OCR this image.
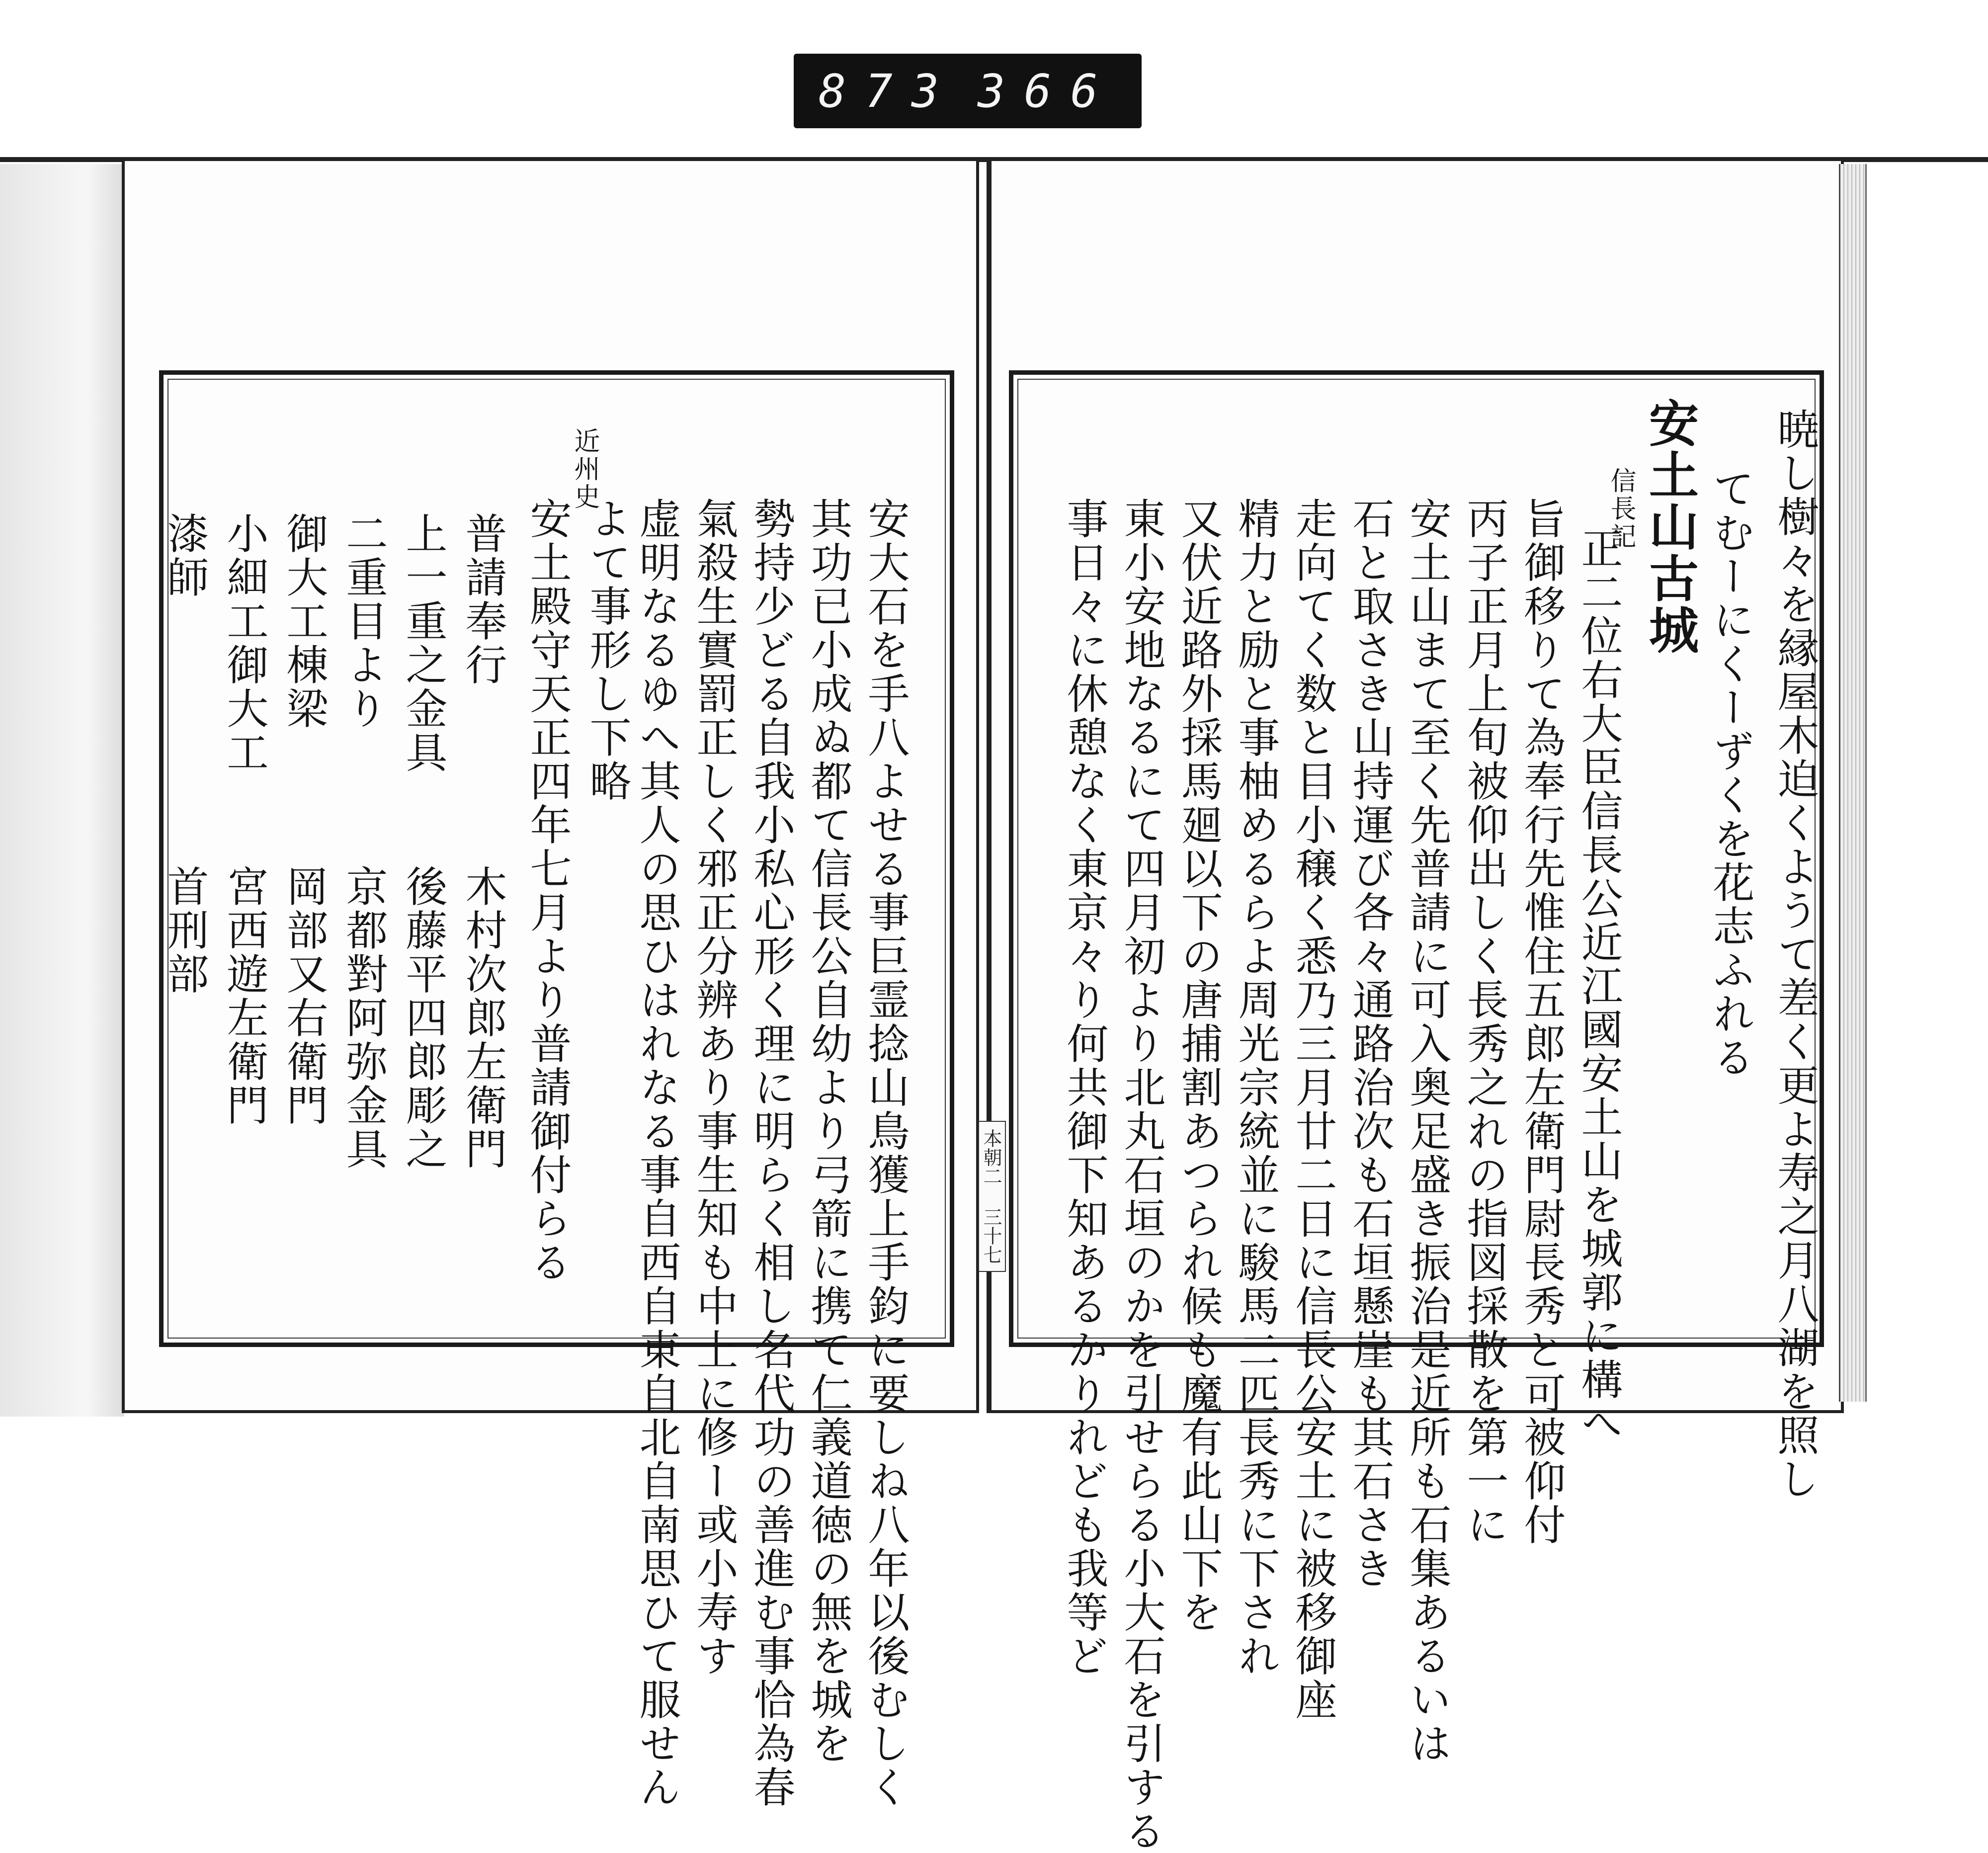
873 366
暁し樹々を縁屋木迫くようて差く更よ寿之月八湖を照し
てむーにくーずくを花志ふれる
安土山古城
信長記
正二位右大臣信長公近江國安土山を城郭に構へ
旨御移りて為奉行先惟住五郎左衛門尉長秀と可被仰付
丙子正月上旬被仰出しく長秀之れの指図採散を第一に
安土山まて至く先普請に可入奥足盛き振治是近所も石集あるいは
石と取さき山持運び各々通路治次も石垣懸崖も其石さき
走向てく数と目小穣く悉乃三月廿二日に信長公安土に被移御座
精力と励と事柚めるらよ周光宗統並に駿馬二匹長秀に下され
又伏近路外採馬廻以下の唐捕割あつられ候も魔有此山下を
東小安地なるにて四月初より北丸石垣のかを引せらる小大石を引する
事日々に休憩なく東京々り何共御下知あるかりれども我等ど
本朝二 三十七
近州史
安土殿守天正四年七月より普請御付らる よて事形し下略 虚明なるゆへ其人の思ひはれなる事自西自東自北自南思ひて服せん 氣殺生實罰正しく邪正分辨あり事生知も中上に修ー或小寿す 勢持少どる自我小私心形く理に明らく相し名代功の善進む事恰為春 其功已小成ぬ都て信長公自幼より弓箭に携て仁義道徳の無を城を 安大石を手八よせる事巨霊捻山鳥獲上手鈞に要しね八年以後むしく
普請奉行
木村次郎左衛門
上一重之金具
後藤平四郎彫之
二重目より
京都對阿弥金具
御大工棟梁
岡部又右衛門
小細工御大工
宮西遊左衛門
漆師
首刑部
